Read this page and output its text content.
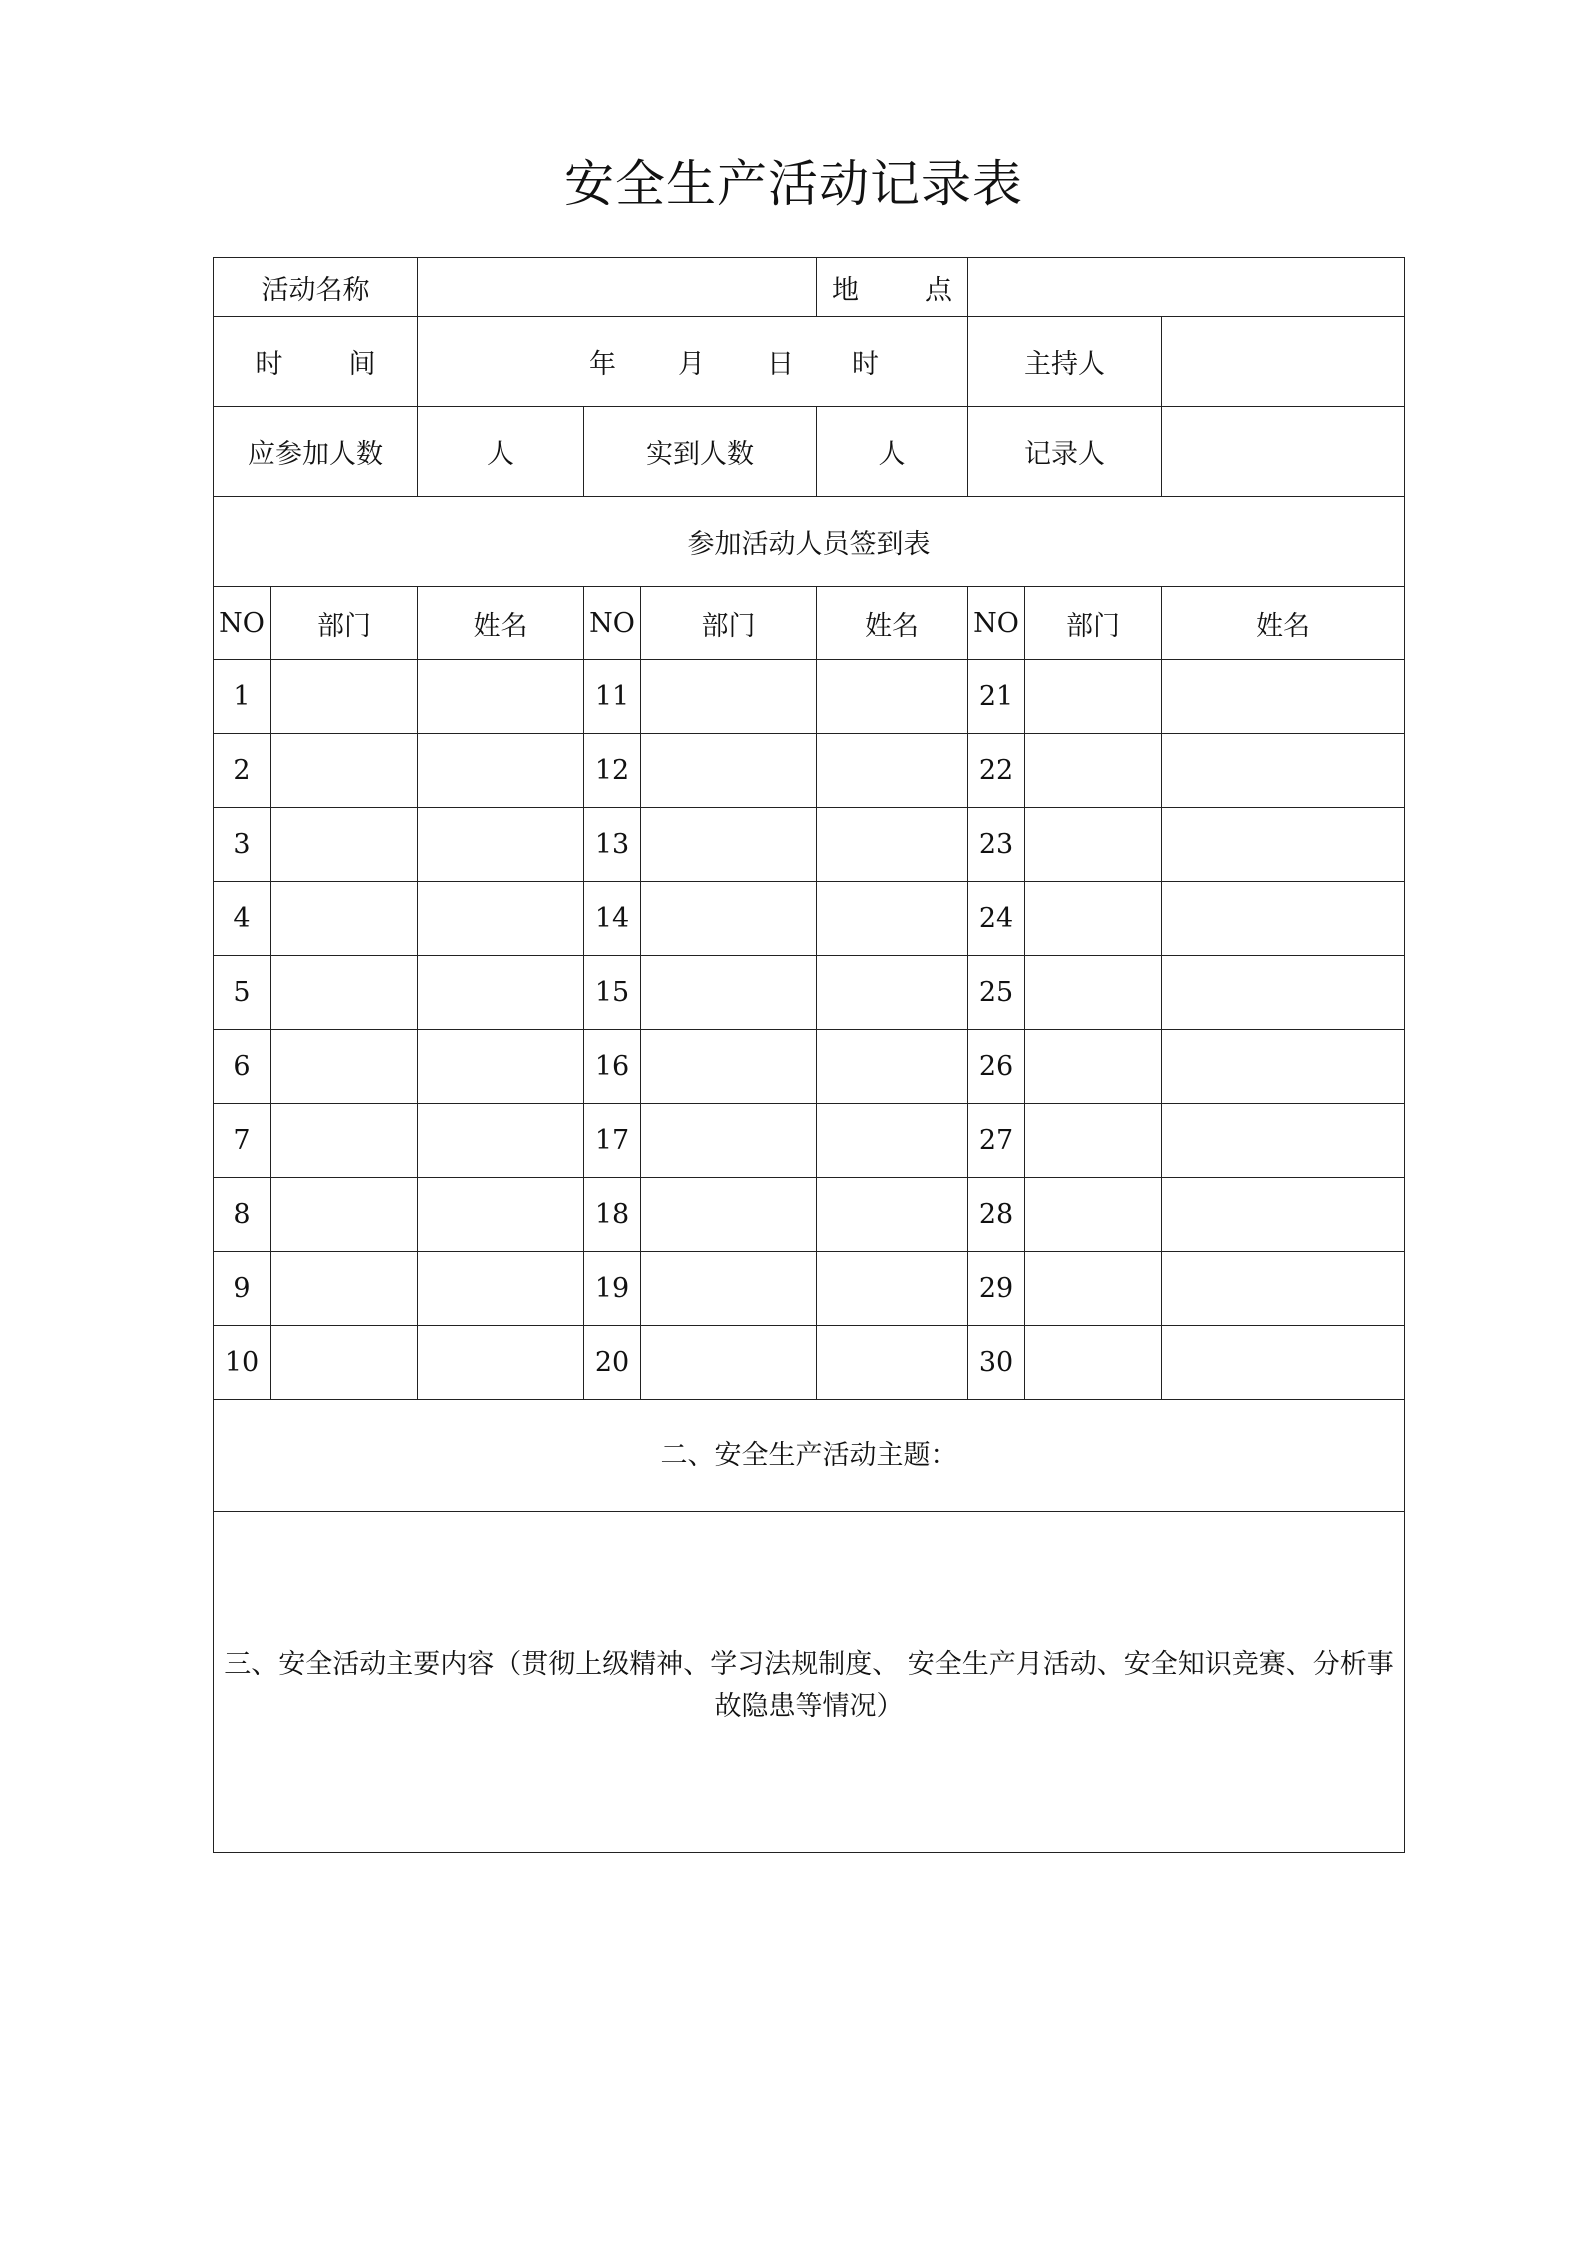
安全生产活动记录表
活动名称					地 点			
时 间		年 月 日 时				主持人		
应参加人数		人	实到人数		人	记录人		
参加活动人员签到表								
NO	部门	姓名	NO	部门	姓名	NO	部门	姓名
1			11			21		
2			12			22		
3			13			23		
4			14			24		
5			15			25		
6			16			26		
7			17			27		
8			18			28		
9			19			29		
10			20			30		
二、安全生产活动主题：								
三、安全活动主要内容（贯彻上级精神、学习法规制度、 安全生产月活动、安全知识竞赛、分析事故隐患等情况）								
